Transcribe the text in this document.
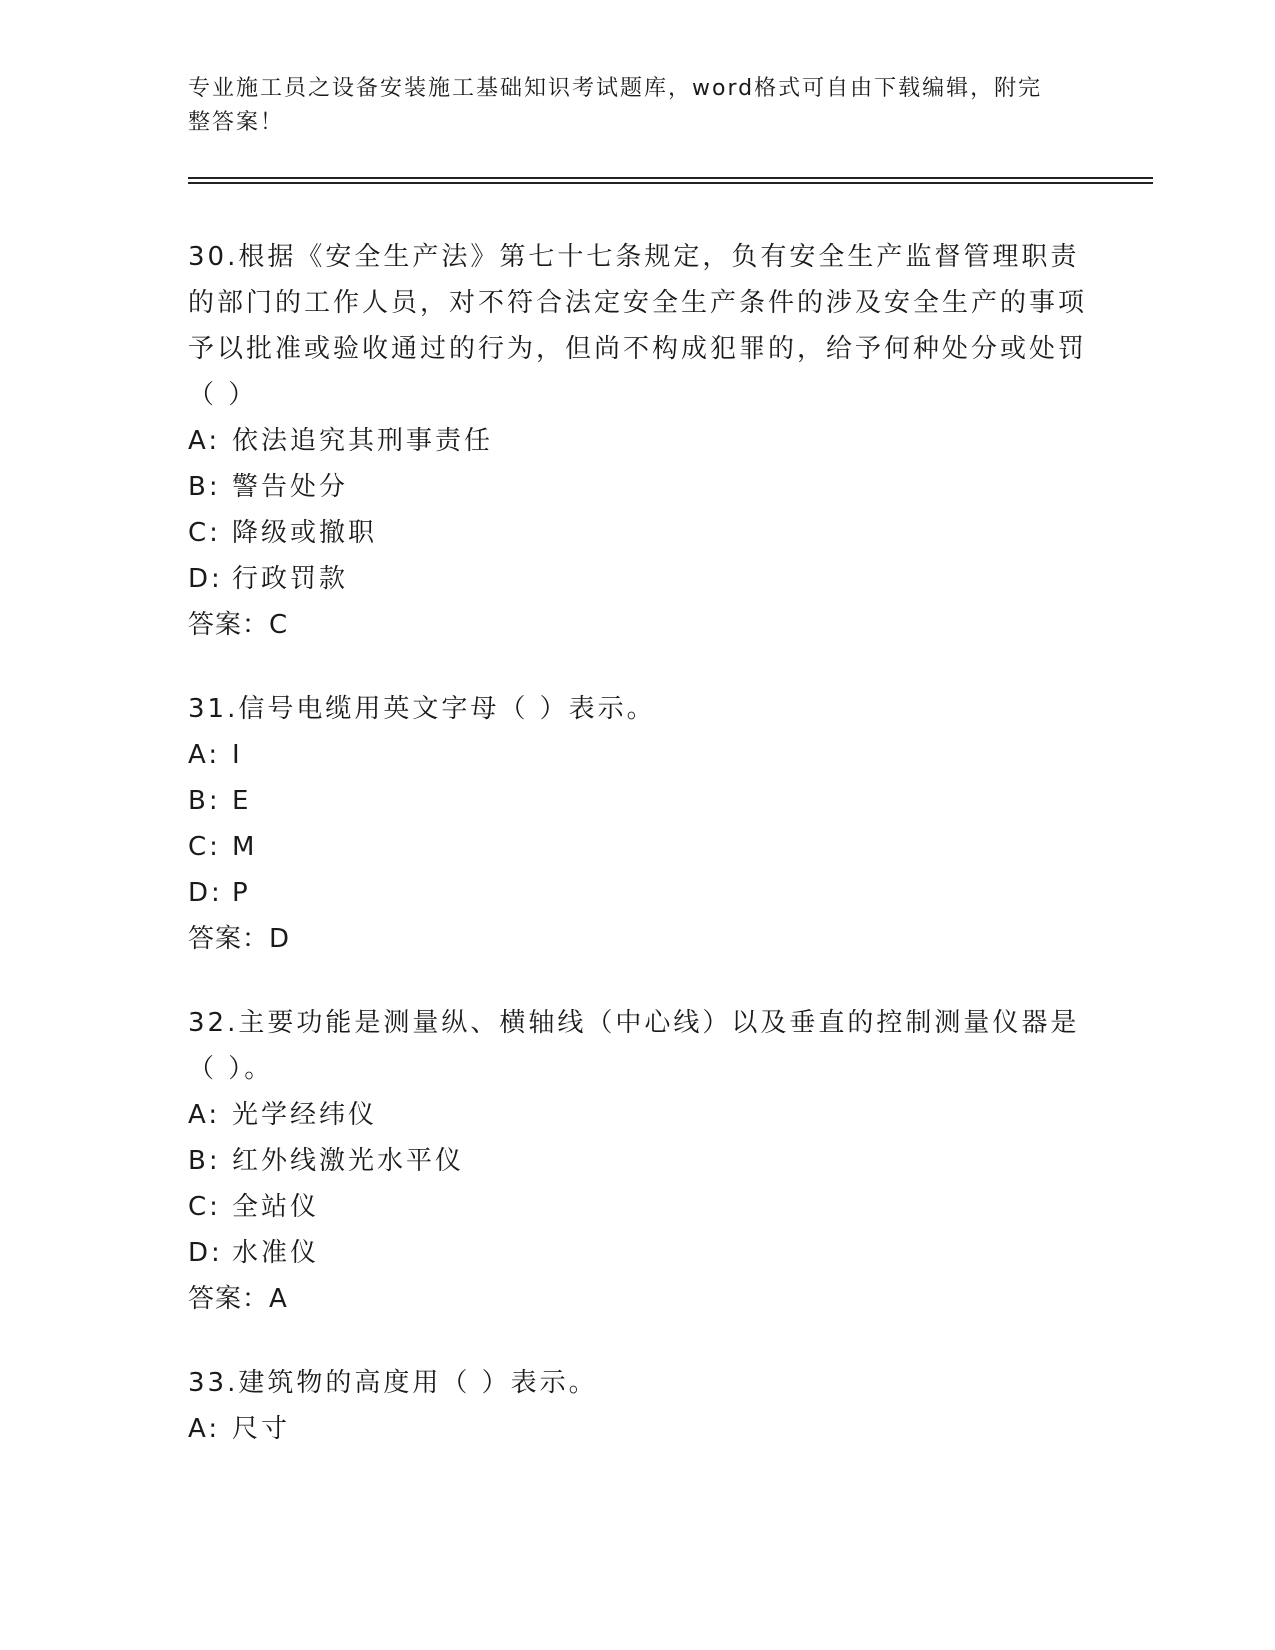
专业施工员之设备安装施工基础知识考试题库，word格式可自由下载编辑，附完
整答案！
30.根据《安全生产法》第七十七条规定，负有安全生产监督管理职责的部门的工作人员，对不符合法定安全生产条件的涉及安全生产的事项予以批准或验收通过的行为，但尚不构成犯罪的，给予何种处分或处罚（ ）
A: 依法追究其刑事责任
B: 警告处分
C: 降级或撤职
D: 行政罚款
答案：C
31.信号电缆用英文字母（ ）表示。
A: I
B: E
C: M
D: P
答案：D
32.主要功能是测量纵、横轴线（中心线）以及垂直的控制测量仪器是（ ）。
A: 光学经纬仪
B: 红外线激光水平仪
C: 全站仪
D: 水准仪
答案：A
33.建筑物的高度用（ ）表示。
A: 尺寸
